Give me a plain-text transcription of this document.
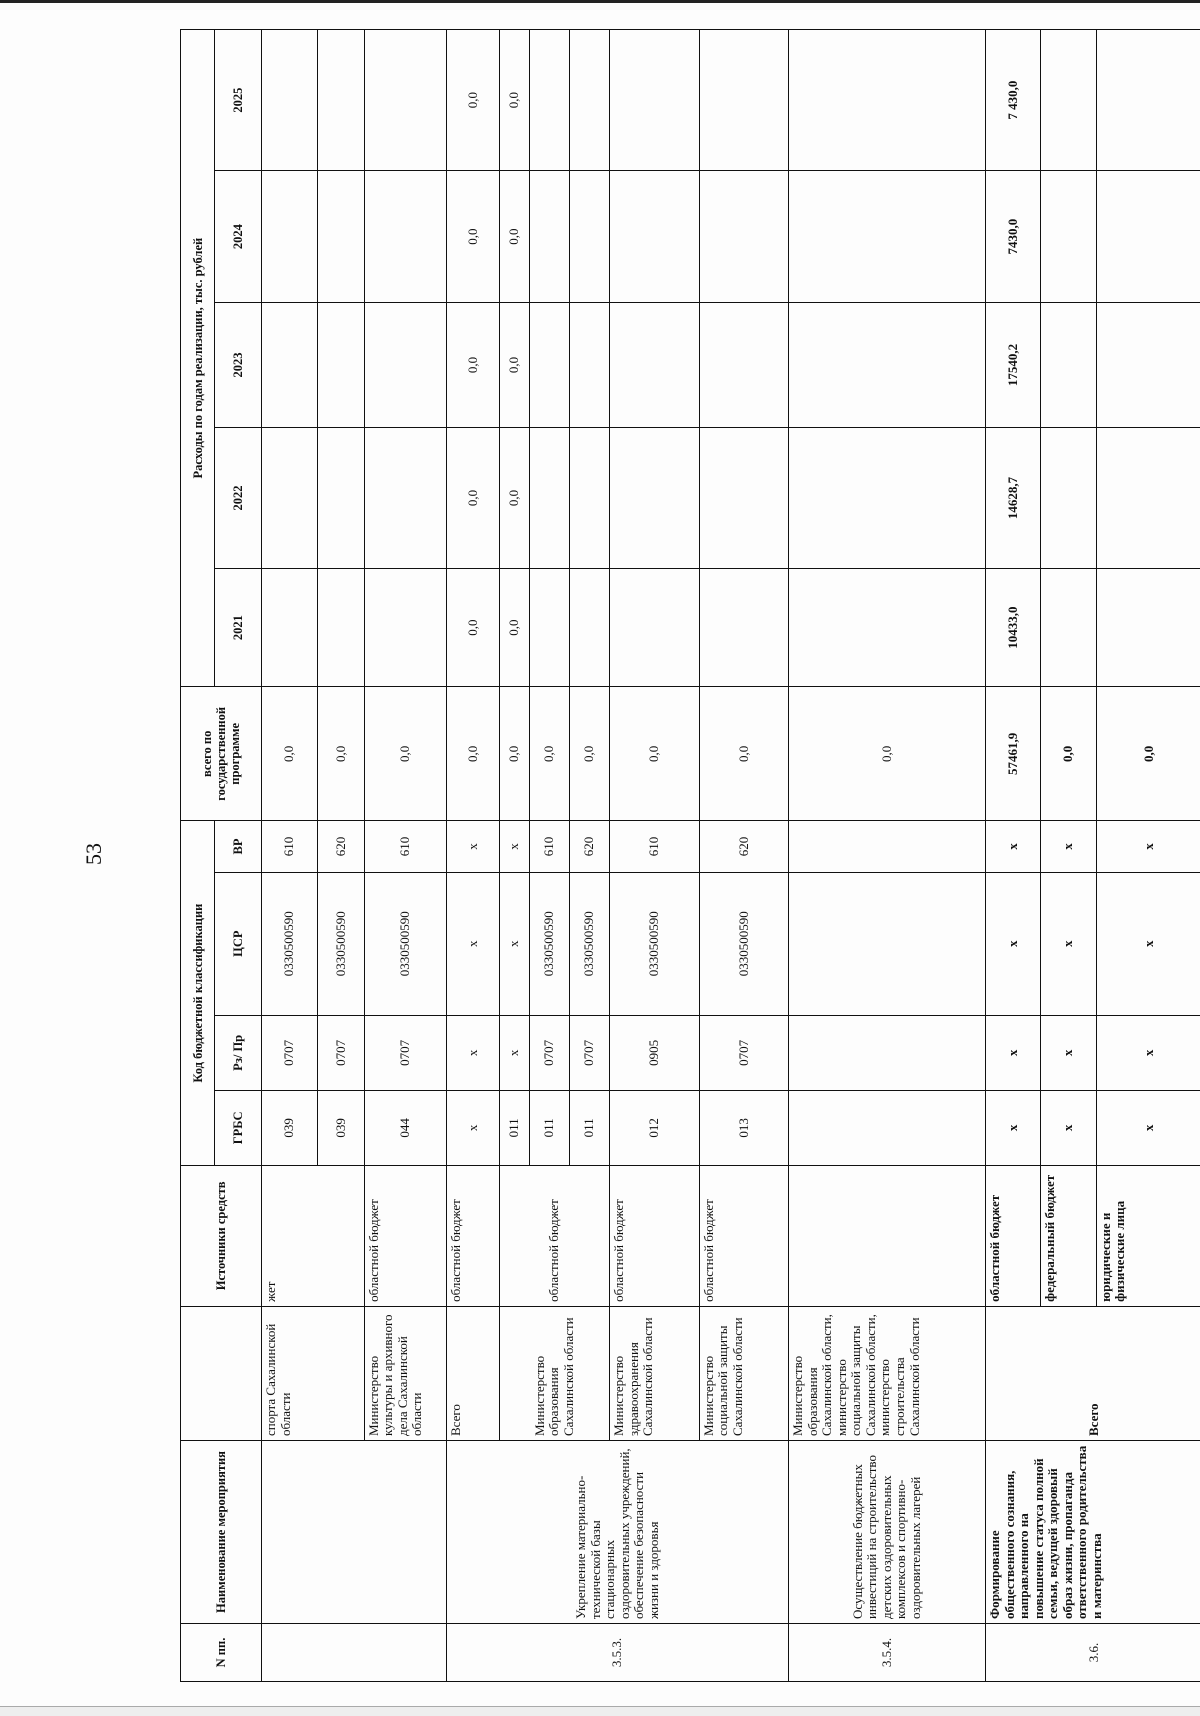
53
N пп.	Наименование мероприятия		Источники средств	Код бюджетной классификации				всего по государственной программе	Расходы по годам реализации, тыс. рублей				
				ГРБС	Рз/ Пр	ЦСР	ВР		2021	2022	2023	2024	2025
		спорта Сахалинской области	жет	039	0707	0330500590	610	0,0					
				039	0707	0330500590	620	0,0					
		Министерство культуры и архивного дела Сахалинской области	областной бюджет	044	0707	0330500590	610	0,0					
3.5.3.	Укрепление материально-технической базы стационарных оздоровительных учреждений, обеспечение безопасности жизни и здоровья	Всего	областной бюджет	х	х	х	х	0,0	0,0	0,0	0,0	0,0	0,0
		Министерство образования Сахалинской области	областной бюджет	011	х	х	х	0,0	0,0	0,0	0,0	0,0	0,0
				011	0707	0330500590	610	0,0					
				011	0707	0330500590	620	0,0					
		Министерство здравоохранения Сахалинской области	областной бюджет	012	0905	0330500590	610	0,0					
		Министерство социальной защиты Сахалинской области	областной бюджет	013	0707	0330500590	620	0,0					
3.5.4.	Осуществление бюджетных инвестиций на строительство детских оздоровительных комплексов и спортивно-оздоровительных лагерей	Министерство образования Сахалинской области, министерство социальной защиты Сахалинской области, министерство строительства Сахалинской области						0,0					
3.6.	Формирование общественного сознания, направленного на повышение статуса полной семьи, ведущей здоровый образ жизни, пропаганда ответственного родительства и материнства	Всего	областной бюджет	х	х	х	х	57461,9	10433,0	14628,7	17540,2	7430,0	7 430,0
			федеральный бюджет	х	х	х	х	0,0					
			юридические и физические лица	х	х	х	х	0,0					
